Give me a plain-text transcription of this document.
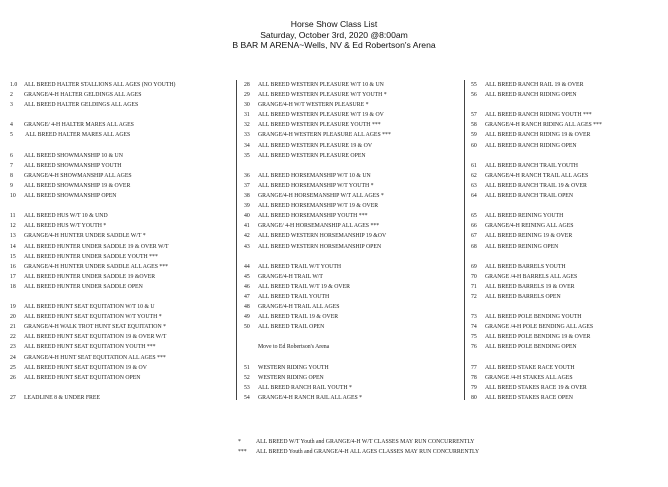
Horse Show Class List
Saturday, October 3rd, 2020 @8:00am
B BAR M ARENA~Wells, NV & Ed Robertson's Arena
1.0 ALL BREED HALTER STALLIONS ALL AGES (NO YOUTH)
2 GRANGE/4-H HALTER GELDINGS ALL AGES
3 ALL BREED HALTER GELDINGS ALL AGES
4 GRANGE/ 4-H HALTER MARES ALL AGES
5 ALL BREED HALTER MARES ALL AGES
6 ALL BREED SHOWMANSHIP 10 & UN
7 ALL BREED SHOWMANSHIP YOUTH
8 GRANGE/4-H SHOWMANSHIP ALL AGES
9 ALL BREED SHOWMANSHIP 19 & OVER
10 ALL BREED SHOWMANSHIP OPEN
11 ALL BREED HUS W/T 10 & UND
12 ALL BREED HUS W/T YOUTH *
13 GRANGE/4-H HUNTER UNDER SADDLE W/T *
14 ALL BREED HUNTER UNDER SADDLE 19 & OVER W/T
15 ALL BREED HUNTER UNDER SADDLE YOUTH ***
16 GRANGE/4-H HUNTER UNDER SADDLE ALL AGES ***
17 ALL BREED HUNTER UNDER SADDLE 19 &OVER
18 ALL BREED HUNTER UNDER SADDLE OPEN
19 ALL BREED HUNT SEAT EQUITATION W/T 10 & U
20 ALL BREED HUNT SEAT EQUITATION W/T YOUTH *
21 GRANGE/4-H WALK TROT HUNT SEAT EQUITATION *
22 ALL BREED HUNT SEAT EQUITATION 19 & OVER W/T
23 ALL BREED HUNT SEAT EQUITATION YOUTH ***
24 GRANGE/4-H HUNT SEAT EQUITATION ALL AGES ***
25 ALL BREED HUNT SEAT EQUITATION 19 & OV
26 ALL BREED HUNT SEAT EQUITATION OPEN
27 LEADLINE 8 & UNDER FREE
28 ALL BREED WESTERN PLEASURE W/T 10 & UN
29 ALL BREED WESTERN PLEASURE W/T YOUTH *
30 GRANGE/4-H W/T WESTERN PLEASURE *
31 ALL BREED WESTERN PLEASURE W/T 19 & OV
32 ALL BREED WESTERN PLEASURE YOUTH ***
33 GRANGE/4-H WESTERN PLEASURE ALL AGES ***
34 ALL BREED WESTERN PLEASURE 19 & OV
35 ALL BREED WESTERN PLEASURE OPEN
36 ALL BREED HORSEMANSHIP W/T 10 & UN
37 ALL BREED HORSEMANSHIP W/T YOUTH *
38 GRANGE/4-H HORSEMANSHIP W/T ALL AGES *
39 ALL BREED HORSEMANSHIP W/T 19 & OVER
40 ALL BREED HORSEMANSHIP YOUTH ***
41 GRANGE/ 4-H HORSEMANSHIP ALL AGES ***
42 ALL BREED WESTERN HORSEMANSHIP 19 &OV
43 ALL BREED WESTERN HORSEMANSHIP OPEN
44 ALL BREED TRAIL W/T YOUTH
45 GRANGE/4-H TRAIL W/T
46 ALL BREED TRAIL W/T 19 & OVER
47 ALL BREED TRAIL YOUTH
48 GRANGE/4-H TRAIL ALL AGES
49 ALL BREED TRAIL 19 & OVER
50 ALL BREED TRAIL OPEN
Move to Ed Robertson's Arena
51 WESTERN RIDING YOUTH
52 WESTERN RIDING OPEN
53 ALL BREED RANCH RAIL YOUTH *
54 GRANGE/4-H RANCH RAIL ALL AGES *
55 ALL BREED RANCH RAIL 19 & OVER
56 ALL BREED RANCH RIDING OPEN
57 ALL BREED RANCH RIDING YOUTH ***
58 GRANGE/4-H RANCH RIDING ALL AGES ***
59 ALL BREED RANCH RIDING 19 & OVER
60 ALL BREED RANCH RIDING OPEN
61 ALL BREED RANCH TRAIL YOUTH
62 GRANGE/4-H RANCH TRAIL ALL AGES
63 ALL BREED RANCH TRAIL 19 & OVER
64 ALL BREED RANCH TRAIL OPEN
65 ALL BREED REINING YOUTH
66 GRANGE/4-H REINING ALL AGES
67 ALL BREED REINING 19 & OVER
68 ALL BREED REINING OPEN
69 ALL BREED BARRELS YOUTH
70 GRANGE /4-H BARRELS ALL AGES
71 ALL BREED BARRELS 19 & OVER
72 ALL BREED BARRELS OPEN
73 ALL BREED POLE BENDING YOUTH
74 GRANGE /4-H POLE BENDING ALL AGES
75 ALL BREED POLE BENDING 19 & OVER
76 ALL BREED POLE BENDING OPEN
77 ALL BREED STAKE RACE YOUTH
78 GRANGE /4-H STAKES ALL AGES
79 ALL BREED STAKES RACE 19 & OVER
80 ALL BREED STAKES RACE OPEN
*	ALL BREED W/T Youth and GRANGE/4-H W/T CLASSES MAY RUN CONCURRENTLY
*** ALL BREED Youth and GRANGE/4-H ALL AGES CLASSES MAY RUN CONCURRENTLY
